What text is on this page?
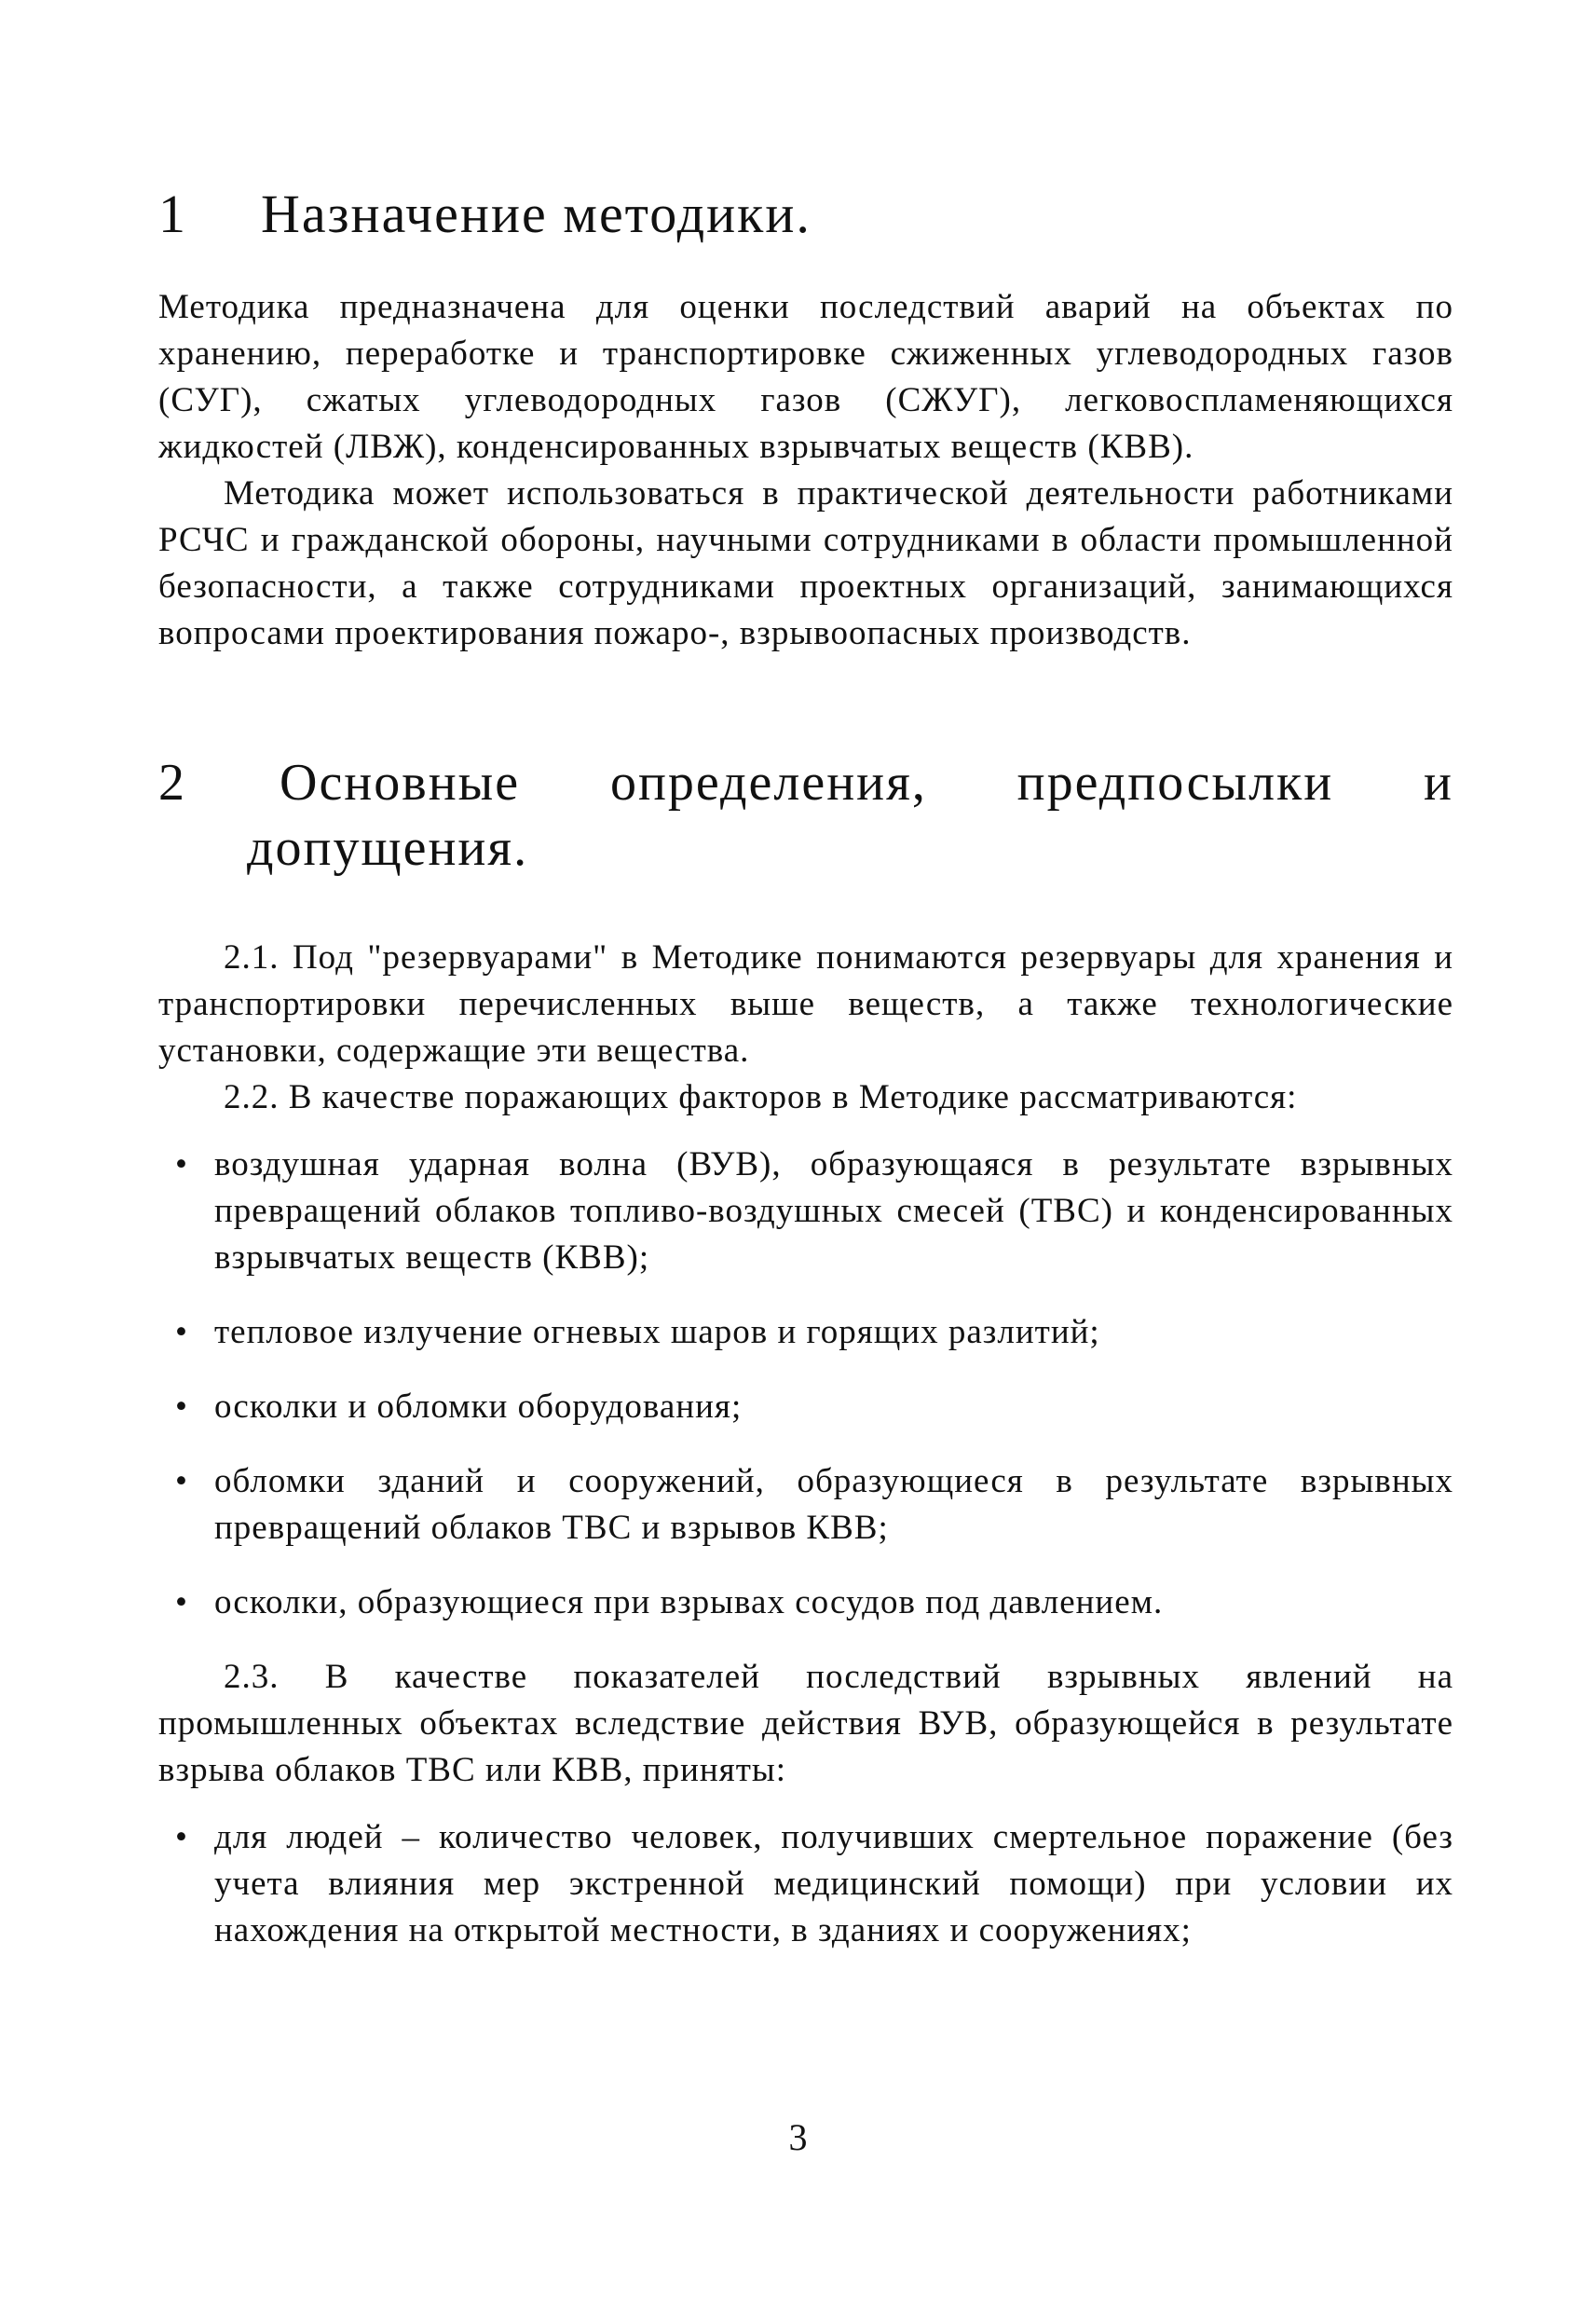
1	Назначение методики.

Методика предназначена для оценки последствий аварий на объектах по хранению, переработке и транспортировке сжиженных углеводородных газов (СУГ), сжатых углеводородных газов (СЖУГ), легковоспламеняющихся жидкостей (ЛВЖ), конденсированных взрывчатых веществ (КВВ).

Методика может использоваться в практической деятельности работниками РСЧС и гражданской обороны, научными сотрудниками в области промышленной безопасности, а также сотрудниками проектных организаций, занимающихся вопросами проектирования пожаро-, взрывоопасных производств.

2	Основные определения, предпосылки и
допущения.

2.1. Под "резервуарами" в Методике понимаются резервуары для хранения и транспортировки перечисленных выше веществ, а также технологические установки, содержащие эти вещества.

2.2. В качестве поражающих факторов в Методике рассматриваются:

• воздушная ударная волна (ВУВ), образующаяся в результате взрывных превращений облаков топливо-воздушных смесей (ТВС) и конденсированных взрывчатых веществ (КВВ);
• тепловое излучение огневых шаров и горящих разлитий;
• осколки и обломки оборудования;
• обломки зданий и сооружений, образующиеся в результате взрывных превращений облаков ТВС и взрывов КВВ;
• осколки, образующиеся при взрывах сосудов под давлением.

2.3. В качестве показателей последствий взрывных явлений на промышленных объектах вследствие действия ВУВ, образующейся в результате взрыва облаков ТВС или КВВ, приняты:

• для людей – количество человек, получивших смертельное поражение (без учета влияния мер экстренной медицинский помощи) при условии их нахождения на открытой местности, в зданиях и сооружениях;
3
